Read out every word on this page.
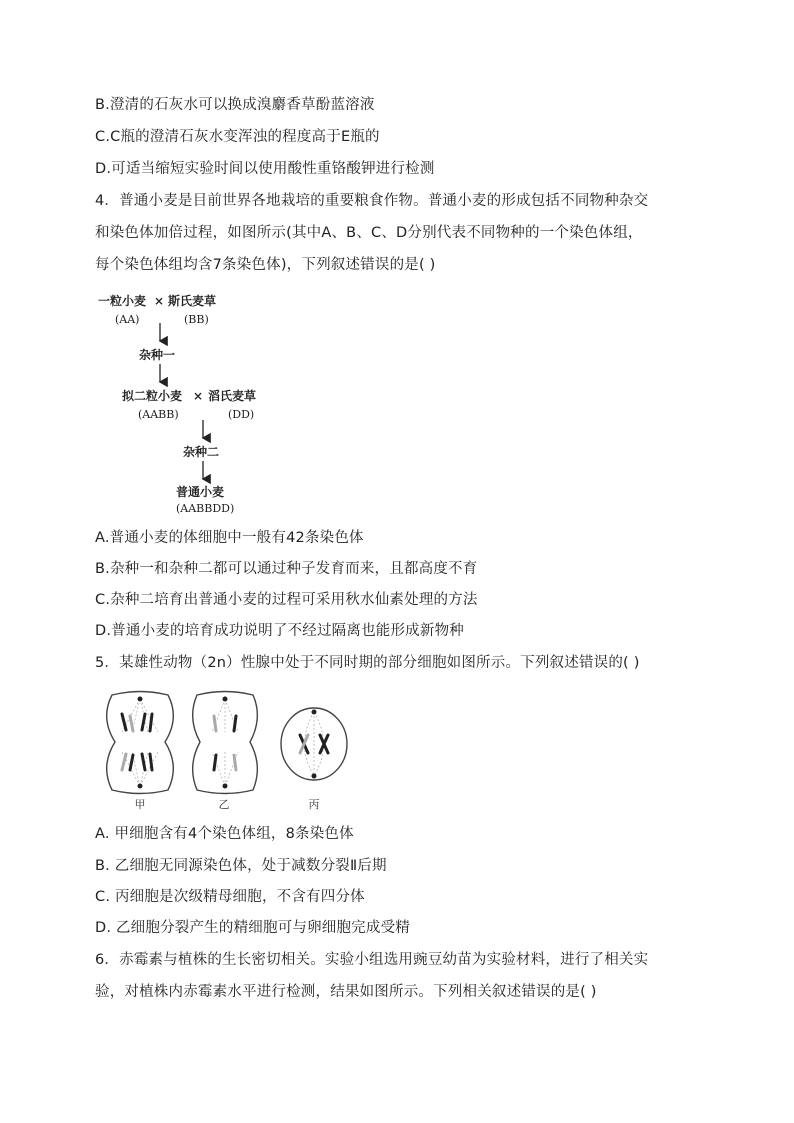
B.澄清的石灰水可以换成溴麝香草酚蓝溶液
C.C瓶的澄清石灰水变浑浊的程度高于E瓶的
D.可适当缩短实验时间以使用酸性重铬酸钾进行检测
4．普通小麦是目前世界各地栽培的重要粮食作物。普通小麦的形成包括不同物种杂交
和染色体加倍过程，如图所示(其中A、B、C、D分别代表不同物种的一个染色体组，
每个染色体组均含7条染色体)，下列叙述错误的是( )
一粒小麦 × 斯氏麦草
(AA)	(BB)
杂种一
拟二粒小麦 × 滔氏麦草
(AABB)	(DD)
杂种二
普通小麦
(AABBDD)
A.普通小麦的体细胞中一般有42条染色体
B.杂种一和杂种二都可以通过种子发育而来，且都高度不育
C.杂种二培育出普通小麦的过程可采用秋水仙素处理的方法
D.普通小麦的培育成功说明了不经过隔离也能形成新物种
5．某雄性动物（2n）性腺中处于不同时期的部分细胞如图所示。下列叙述错误的( )
甲	乙	丙
A. 甲细胞含有4个染色体组，8条染色体
B. 乙细胞无同源染色体，处于减数分裂Ⅱ后期
C. 丙细胞是次级精母细胞，不含有四分体
D. 乙细胞分裂产生的精细胞可与卵细胞完成受精
6．赤霉素与植株的生长密切相关。实验小组选用豌豆幼苗为实验材料，进行了相关实
验，对植株内赤霉素水平进行检测，结果如图所示。下列相关叙述错误的是( )
